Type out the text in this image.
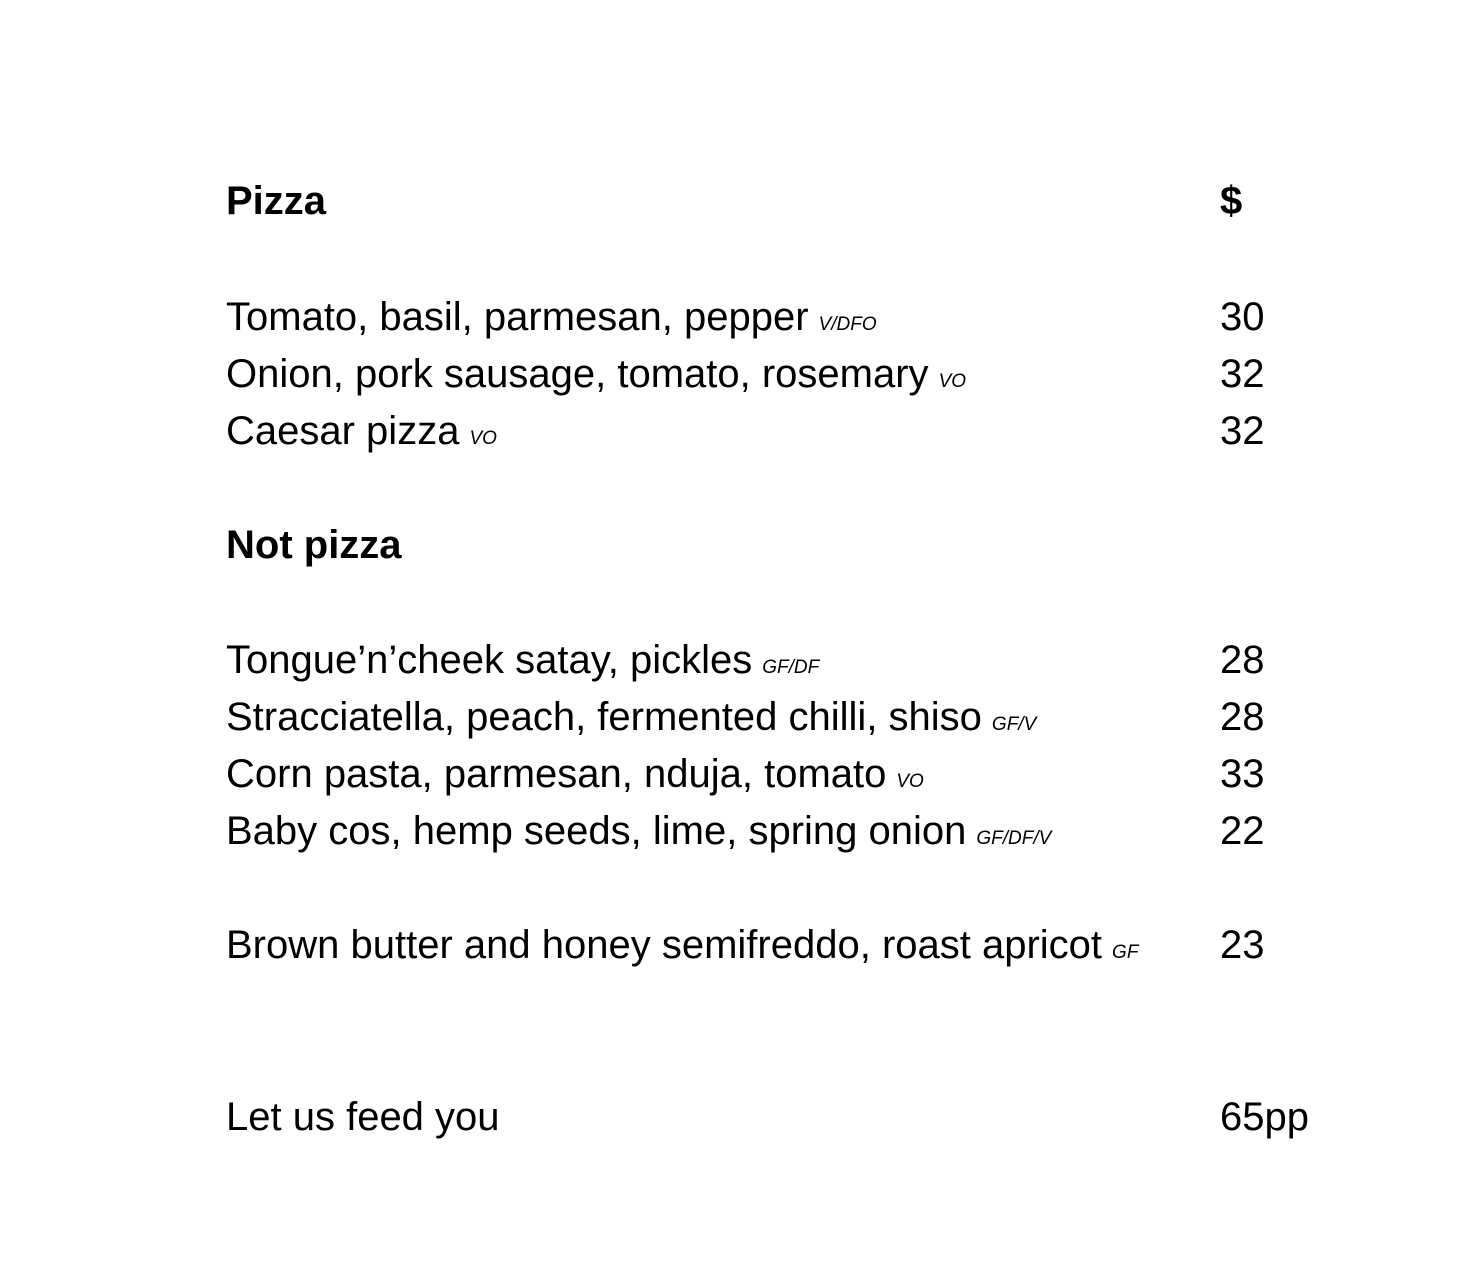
Pizza	$
Tomato, basil, parmesan, pepper V/DFO	30
Onion, pork sausage, tomato, rosemary VO	32
Caesar pizza VO	32
Not pizza
Tongue’n’cheek satay, pickles GF/DF	28
Stracciatella, peach, fermented chilli, shiso GF/V	28
Corn pasta, parmesan, nduja, tomato VO	33
Baby cos, hemp seeds, lime, spring onion GF/DF/V	22
Brown butter and honey semifreddo, roast apricot GF 23
Let us feed you	65pp
